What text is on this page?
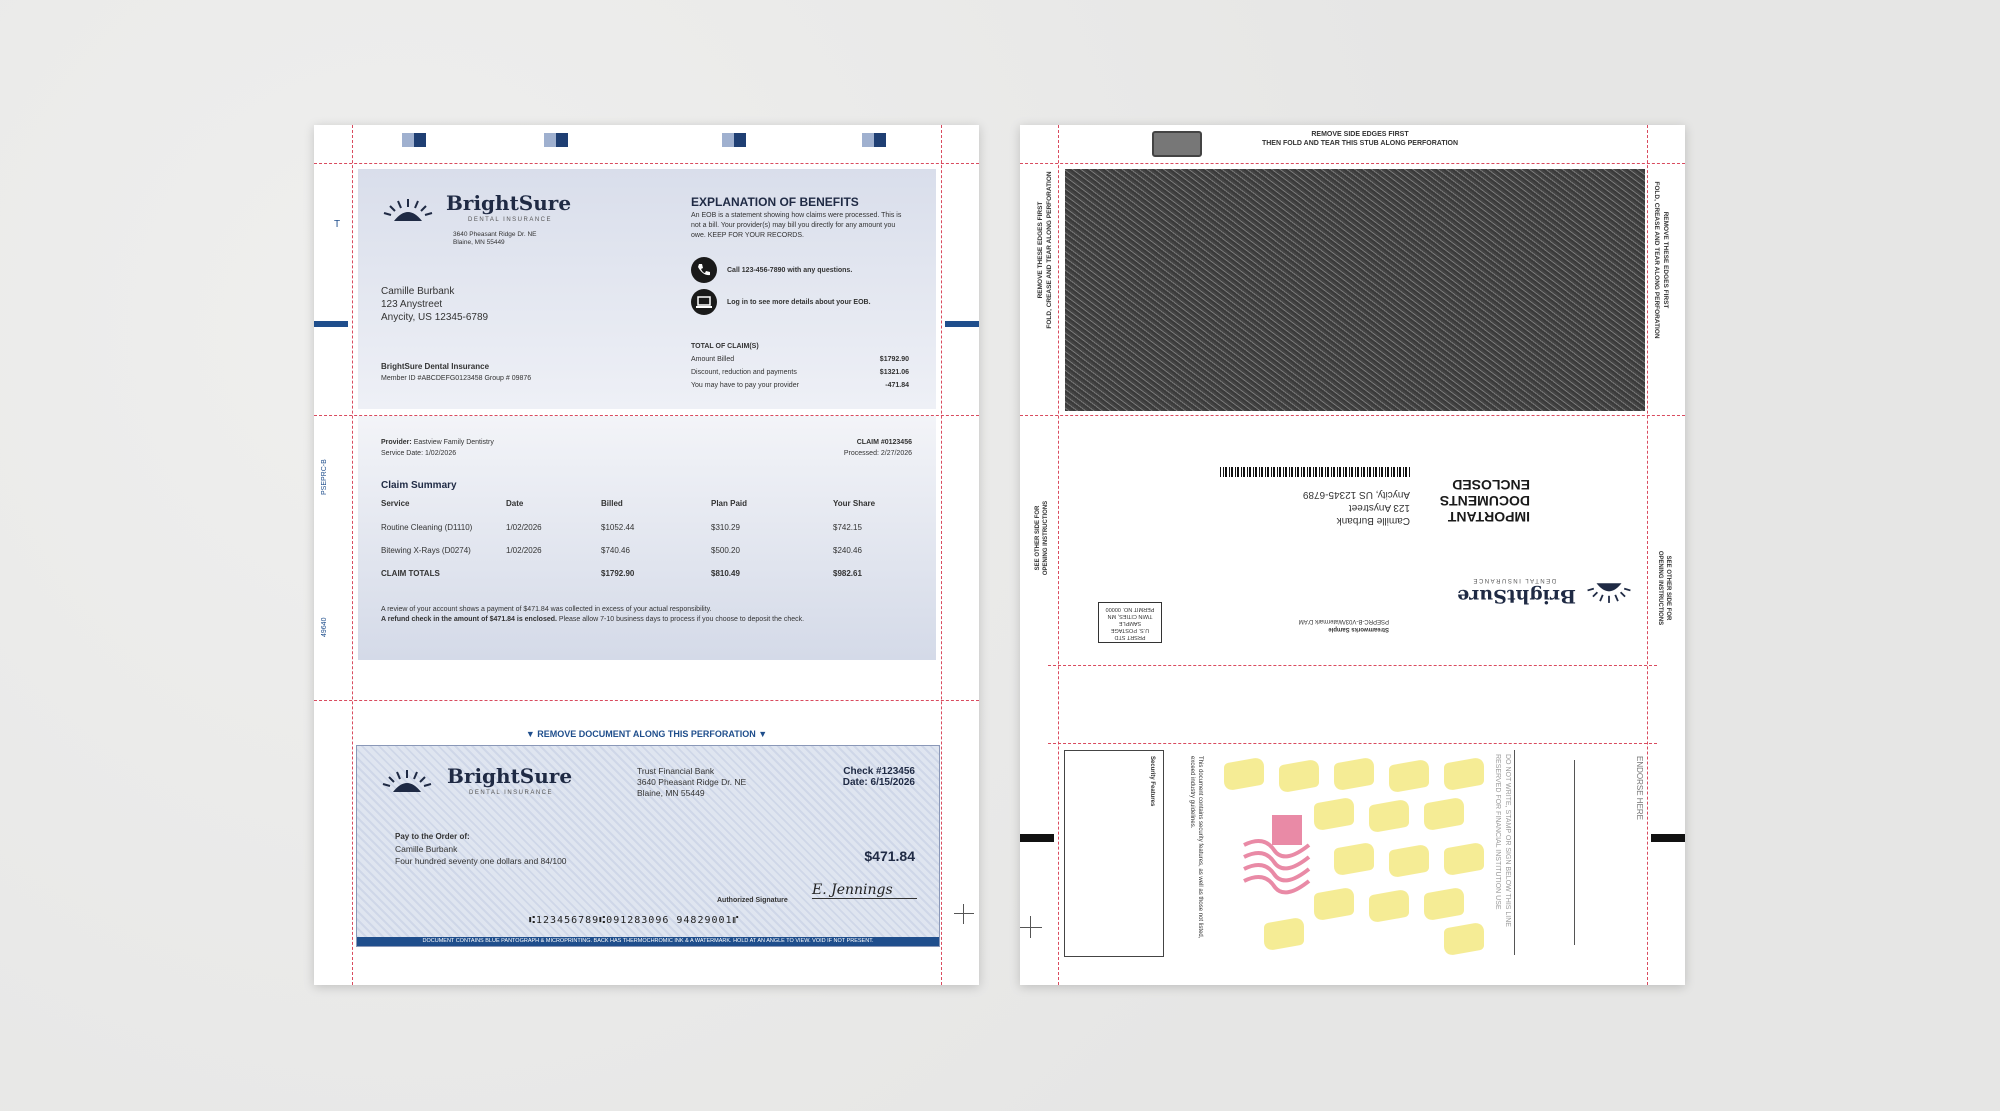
T
PSEPRC-B
49640
BrightSure
DENTAL INSURANCE
3640 Pheasant Ridge Dr. NE
Blaine, MN 55449
Camille Burbank
123 Anystreet
Anycity, US 12345-6789
BrightSure Dental Insurance
Member ID #ABCDEFG0123458 Group # 09876
EXPLANATION OF BENEFITS
An EOB is a statement showing how claims were processed. This is not a bill. Your provider(s) may bill you directly for any amount you owe. KEEP FOR YOUR RECORDS.
Call 123-456-7890 with any questions.
Log in to see more details about your EOB.
TOTAL OF CLAIM(S)
Amount Billed	$1792.90
Discount, reduction and payments	$1321.06
You may have to pay your provider	-471.84
Provider: Eastview Family Dentistry
Service Date: 1/02/2026
CLAIM #0123456
Processed: 2/27/2026
Claim Summary
Service	Date	Billed	Plan Paid	Your Share
Routine Cleaning (D1110)	1/02/2026	$1052.44	$310.29	$742.15
Bitewing X-Rays (D0274)	1/02/2026	$740.46	$500.20	$240.46
CLAIM TOTALS		$1792.90	$810.49	$982.61
A review of your account shows a payment of $471.84 was collected in excess of your actual responsibility.
A refund check in the amount of $471.84 is enclosed. Please allow 7-10 business days to process if you choose to deposit the check.
▼ REMOVE DOCUMENT ALONG THIS PERFORATION ▼
BrightSure
DENTAL INSURANCE
Trust Financial Bank
3640 Pheasant Ridge Dr. NE
Blaine, MN 55449
Check #123456
Date: 6/15/2026
Pay to the Order of:
Camille Burbank
Four hundred seventy one dollars and 84/100	$471.84
Authorized Signature
E. Jennings
⑆123456789⑆0912830​96 94829001⑈
DOCUMENT CONTAINS BLUE PANTOGRAPH & MICROPRINTING. BACK HAS THERMOCHROMIC INK & A WATERMARK. HOLD AT AN ANGLE TO VIEW. VOID IF NOT PRESENT.
REMOVE SIDE EDGES FIRST
THEN FOLD AND TEAR THIS STUB ALONG PERFORATION
REMOVE THESE EDGES FIRST FOLD, CREASE AND TEAR ALONG PERFORATION	REMOVE THESE EDGES FIRST
FOLD, CREASE AND TEAR ALONG PERFORATION
BrightSure
DENTAL INSURANCE
IMPORTANT
DOCUMENTS
ENCLOSED
Camille Burbank
123 Anystreet
Anycity, US 12345-6789
Streamworks Sample
PSEPRC-B-V03/Watermark D'AM
PRSRT STD
U.S. POSTAGE
SAMPLE
TWIN CITIES, MN
PERMIT NO. 00000
SEE OTHER SIDE FOR OPENING INSTRUCTIONS
SEE OTHER SIDE FOR
OPENING INSTRUCTIONS
Security Features	This document contains security features, as well as those not listed, exceed industry guidelines.	DO NOT WRITE, STAMP OR SIGN BELOW THIS LINE
RESERVED FOR FINANCIAL INSTITUTION USE	ENDORSE HERE
